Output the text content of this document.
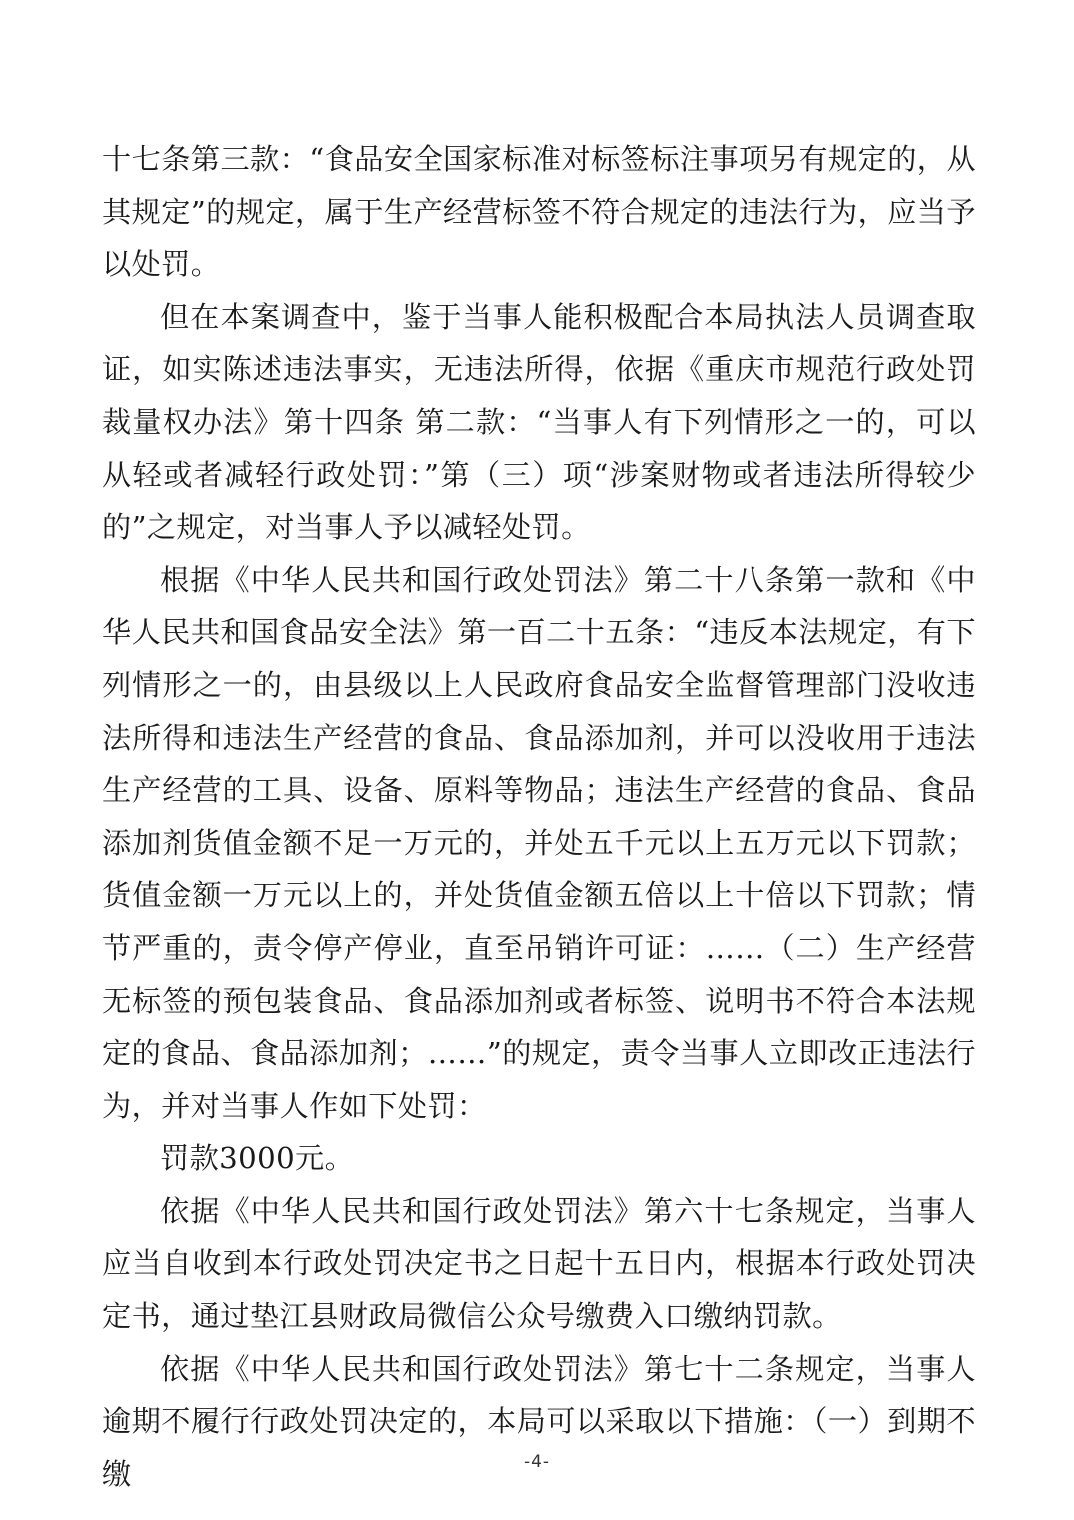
十七条第三款：“食品安全国家标准对标签标注事项另有规定的，从其规定”的规定，属于生产经营标签不符合规定的违法行为，应当予以处罚。

但在本案调查中，鉴于当事人能积极配合本局执法人员调查取证，如实陈述违法事实，无违法所得，依据《重庆市规范行政处罚裁量权办法》第十四条 第二款：“当事人有下列情形之一的，可以从轻或者减轻行政处罚：”第（三）项“涉案财物或者违法所得较少的”之规定，对当事人予以减轻处罚。

根据《中华人民共和国行政处罚法》第二十八条第一款和《中华人民共和国食品安全法》第一百二十五条：“违反本法规定，有下列情形之一的，由县级以上人民政府食品安全监督管理部门没收违法所得和违法生产经营的食品、食品添加剂，并可以没收用于违法生产经营的工具、设备、原料等物品；违法生产经营的食品、食品添加剂货值金额不足一万元的，并处五千元以上五万元以下罚款；货值金额一万元以上的，并处货值金额五倍以上十倍以下罚款；情节严重的，责令停产停业，直至吊销许可证：……（二）生产经营无标签的预包装食品、食品添加剂或者标签、说明书不符合本法规定的食品、食品添加剂；……”的规定，责令当事人立即改正违法行为，并对当事人作如下处罚：

罚款3000元。

依据《中华人民共和国行政处罚法》第六十七条规定，当事人应当自收到本行政处罚决定书之日起十五日内，根据本行政处罚决定书，通过垫江县财政局微信公众号缴费入口缴纳罚款。

依据《中华人民共和国行政处罚法》第七十二条规定，当事人逾期不履行行政处罚决定的，本局可以采取以下措施：（一）到期不缴	-4-
